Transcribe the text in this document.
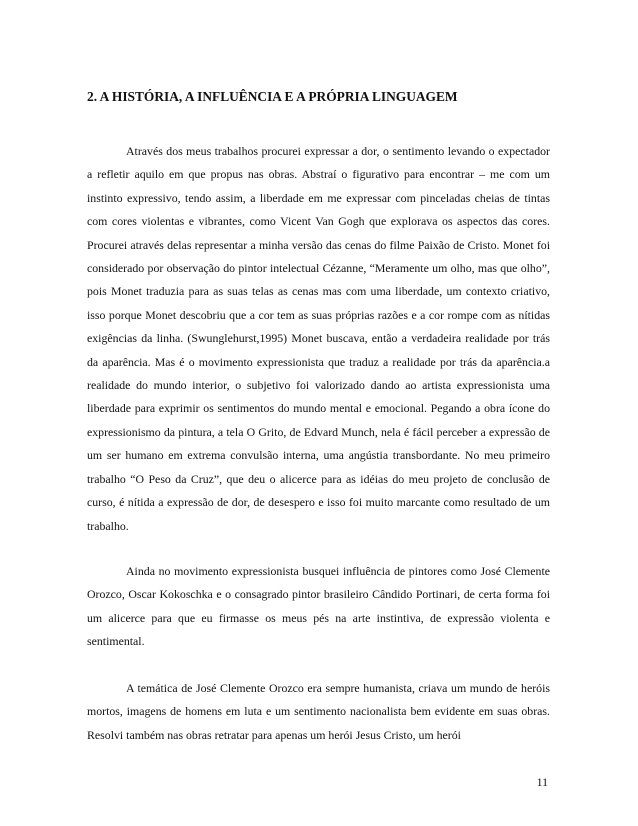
2. A HISTÓRIA, A INFLUÊNCIA E A PRÓPRIA LINGUAGEM

Através dos meus trabalhos procurei expressar a dor, o sentimento levando o expectador a refletir aquilo em que propus nas obras. Abstraí o figurativo para encontrar – me com um instinto expressivo, tendo assim, a liberdade em me expressar com pinceladas cheias de tintas com cores violentas e vibrantes, como Vicent Van Gogh que explorava os aspectos das cores. Procurei através delas representar a minha versão das cenas do filme Paixão de Cristo. Monet foi considerado por observação do pintor intelectual Cézanne, “Meramente um olho, mas que olho”, pois Monet traduzia para as suas telas as cenas mas com uma liberdade, um contexto criativo, isso porque Monet descobriu que a cor tem as suas próprias razões e a cor rompe com as nítidas exigências da linha. (Swunglehurst,1995) Monet buscava, então a verdadeira realidade por trás da aparência. Mas é o movimento expressionista que traduz a realidade por trás da aparência.a realidade do mundo interior, o subjetivo foi valorizado dando ao artista expressionista uma liberdade para exprimir os sentimentos do mundo mental e emocional. Pegando a obra ícone do expressionismo da pintura, a tela O Grito, de Edvard Munch, nela é fácil perceber a expressão de um ser humano em extrema convulsão interna, uma angústia transbordante. No meu primeiro trabalho “O Peso da Cruz”, que deu o alicerce para as idéias do meu projeto de conclusão de curso, é nítida a expressão de dor, de desespero e isso foi muito marcante como resultado de um trabalho.

Ainda no movimento expressionista busquei influência de pintores como José Clemente Orozco, Oscar Kokoschka e o consagrado pintor brasileiro Cândido Portinari, de certa forma foi um alicerce para que eu firmasse os meus pés na arte instintiva, de expressão violenta e sentimental.

A temática de José Clemente Orozco era sempre humanista, criava um mundo de heróis mortos, imagens de homens em luta e um sentimento nacionalista bem evidente em suas obras. Resolvi também nas obras retratar para apenas um herói Jesus Cristo, um herói

11
